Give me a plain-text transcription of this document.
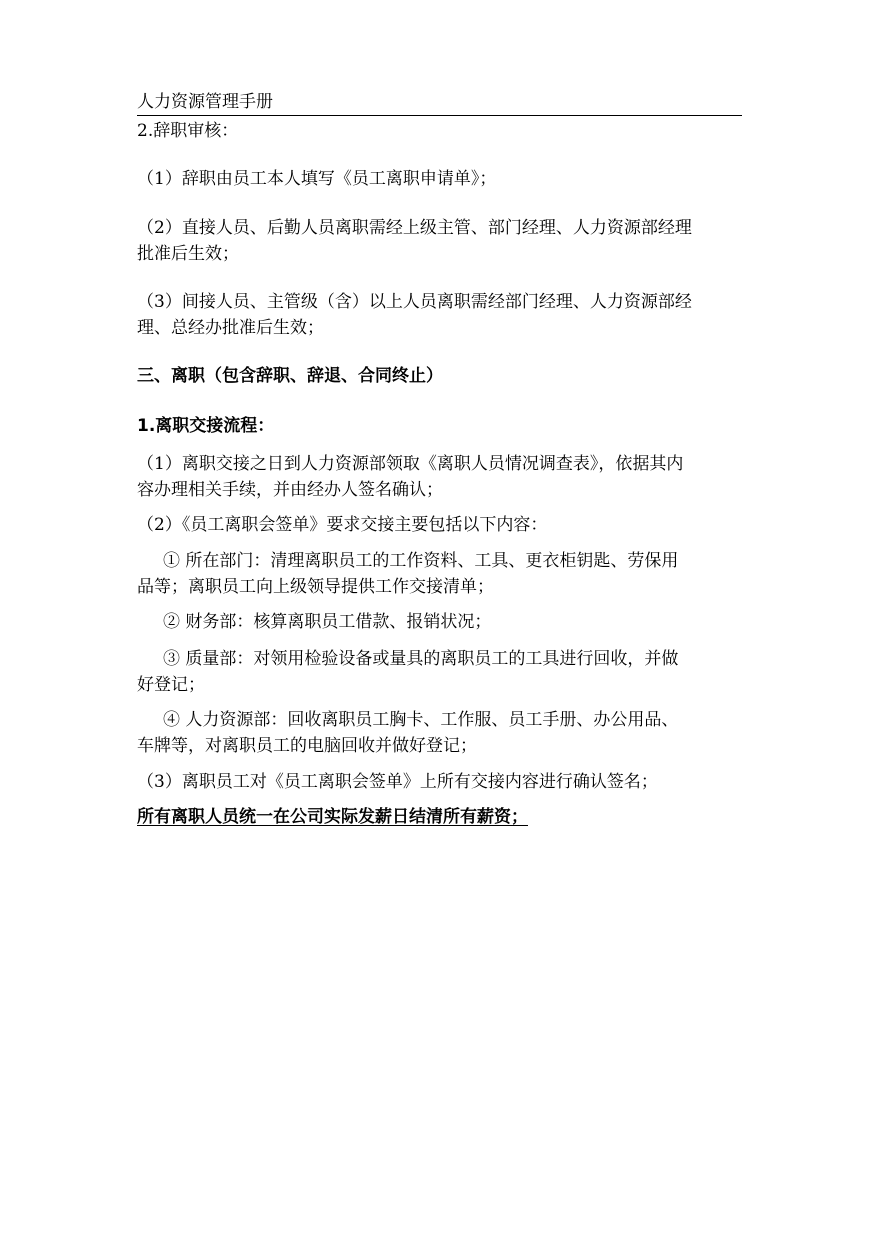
人力资源管理手册
2.辞职审核：
（1）辞职由员工本人填写《员工离职申请单》；
（2）直接人员、后勤人员离职需经上级主管、部门经理、人力资源部经理
批准后生效；
（3）间接人员、主管级（含）以上人员离职需经部门经理、人力资源部经
理、总经办批准后生效；
三、离职（包含辞职、辞退、合同终止）
1.离职交接流程：
（1）离职交接之日到人力资源部领取《离职人员情况调查表》，依据其内
容办理相关手续，并由经办人签名确认；
（2）《员工离职会签单》要求交接主要包括以下内容：
① 所在部门：清理离职员工的工作资料、工具、更衣柜钥匙、劳保用
品等；离职员工向上级领导提供工作交接清单；
② 财务部：核算离职员工借款、报销状况；
③ 质量部：对领用检验设备或量具的离职员工的工具进行回收，并做
好登记；
④ 人力资源部：回收离职员工胸卡、工作服、员工手册、办公用品、
车牌等，对离职员工的电脑回收并做好登记；
（3）离职员工对《员工离职会签单》上所有交接内容进行确认签名；
所有离职人员统一在公司实际发薪日结清所有薪资；
